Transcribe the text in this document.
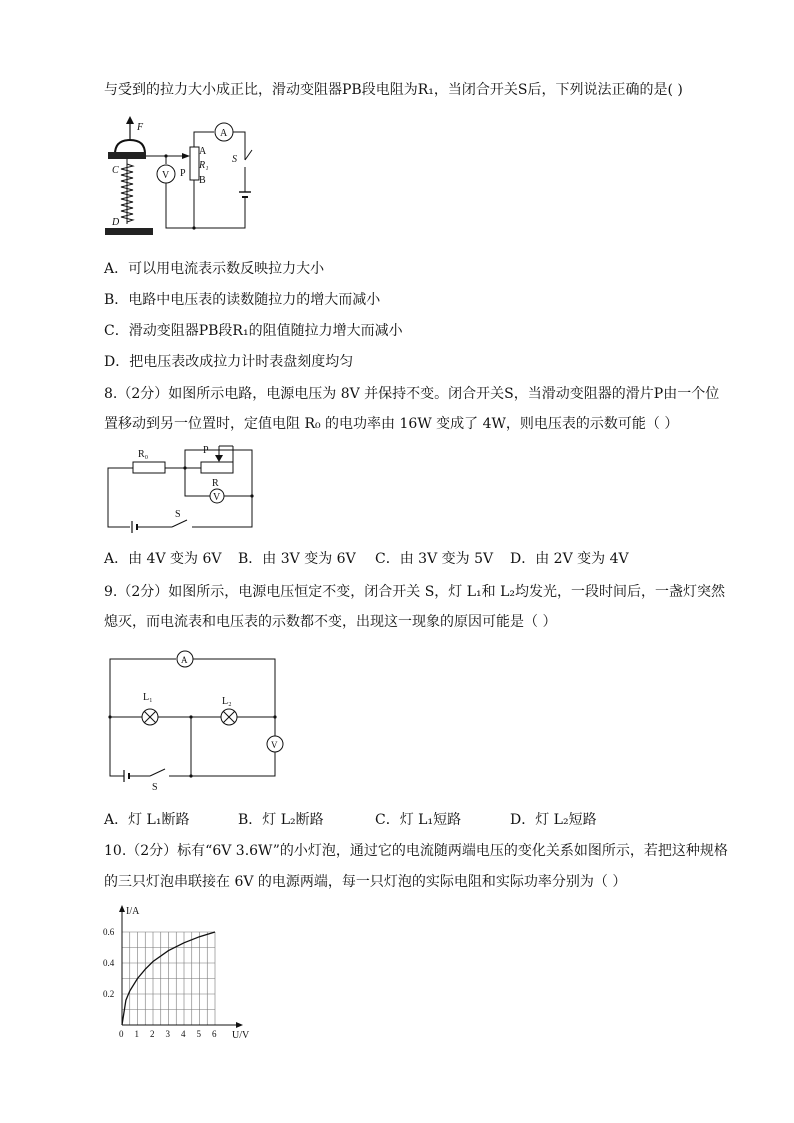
与受到的拉力大小成正比，滑动变阻器PB段电阻为R₁，当闭合开关S后，下列说法正确的是( )
F
C
D
A
R₁
B
P
A
S
V
A．可以用电流表示数反映拉力大小
B．电路中电压表的读数随拉力的增大而减小
C．滑动变阻器PB段R₁的阻值随拉力增大而减小
D．把电压表改成拉力计时表盘刻度均匀
8.（2分）如图所示电路，电源电压为 8V 并保持不变。闭合开关S，当滑动变阻器的滑片P由一个位
置移动到另一位置时，定值电阻 R₀ 的电功率由 16W 变成了 4W，则电压表的示数可能（ ）
R₀
S
P
R
V
A．由 4V 变为 6V B．由 3V 变为 6V C．由 3V 变为 5V D．由 2V 变为 4V
9.（2分）如图所示，电源电压恒定不变，闭合开关 S，灯 L₁和 L₂均发光，一段时间后，一盏灯突然
熄灭，而电流表和电压表的示数都不变，出现这一现象的原因可能是（ ）
A
L₁	L₂
V
S
A．灯 L₁断路	B．灯 L₂断路	C．灯 L₁短路	D．灯 L₂短路
10.（2分）标有“6V 3.6W”的小灯泡，通过它的电流随两端电压的变化关系如图所示，若把这种规格
的三只灯泡串联接在 6V 的电源两端，每一只灯泡的实际电阻和实际功率分别为（ ）
0 1 2 3 4 5 6
0.2
0.4
0.6
I/A
U/V
